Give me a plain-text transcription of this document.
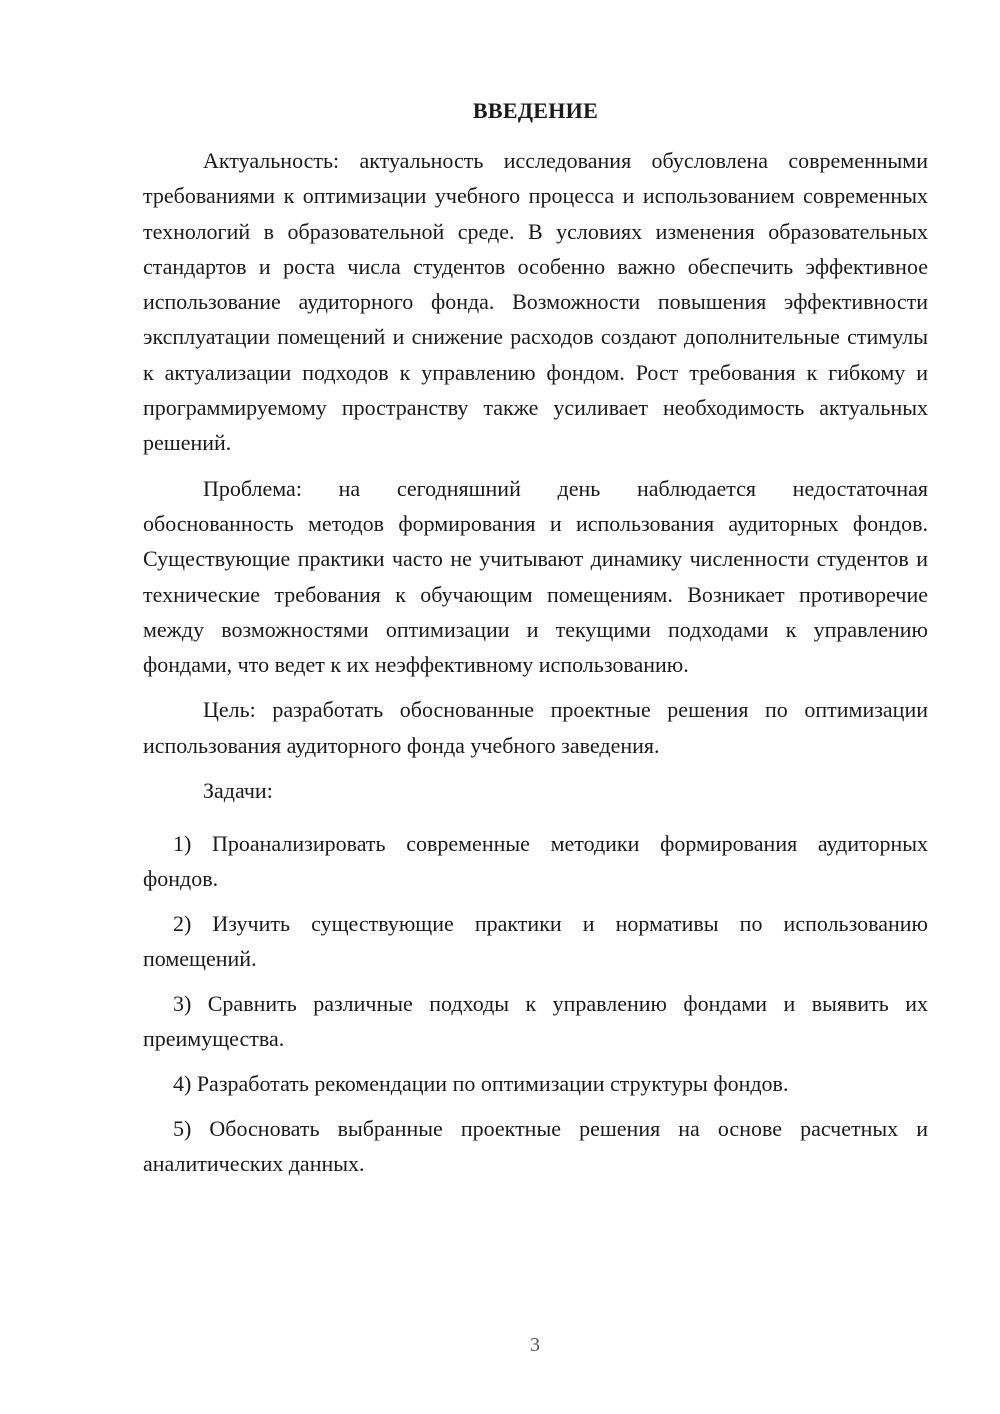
ВВЕДЕНИЕ

Актуальность: актуальность исследования обусловлена современными требованиями к оптимизации учебного процесса и использованием современных технологий в образовательной среде. В условиях изменения образовательных стандартов и роста числа студентов особенно важно обеспечить эффективное использование аудиторного фонда. Возможности повышения эффективности эксплуатации помещений и снижение расходов создают дополнительные стимулы к актуализации подходов к управлению фондом. Рост требования к гибкому и программируемому пространству также усиливает необходимость актуальных решений.

Проблема: на сегодняшний день наблюдается недостаточная обоснованность методов формирования и использования аудиторных фондов. Существующие практики часто не учитывают динамику численности студентов и технические требования к обучающим помещениям. Возникает противоречие между возможностями оптимизации и текущими подходами к управлению фондами, что ведет к их неэффективному использованию.

Цель: разработать обоснованные проектные решения по оптимизации использования аудиторного фонда учебного заведения.

Задачи:

1) Проанализировать современные методики формирования аудиторных фондов.

2) Изучить существующие практики и нормативы по использованию помещений.

3) Сравнить различные подходы к управлению фондами и выявить их преимущества.

4) Разработать рекомендации по оптимизации структуры фондов.

5) Обосновать выбранные проектные решения на основе расчетных и аналитических данных.

3
